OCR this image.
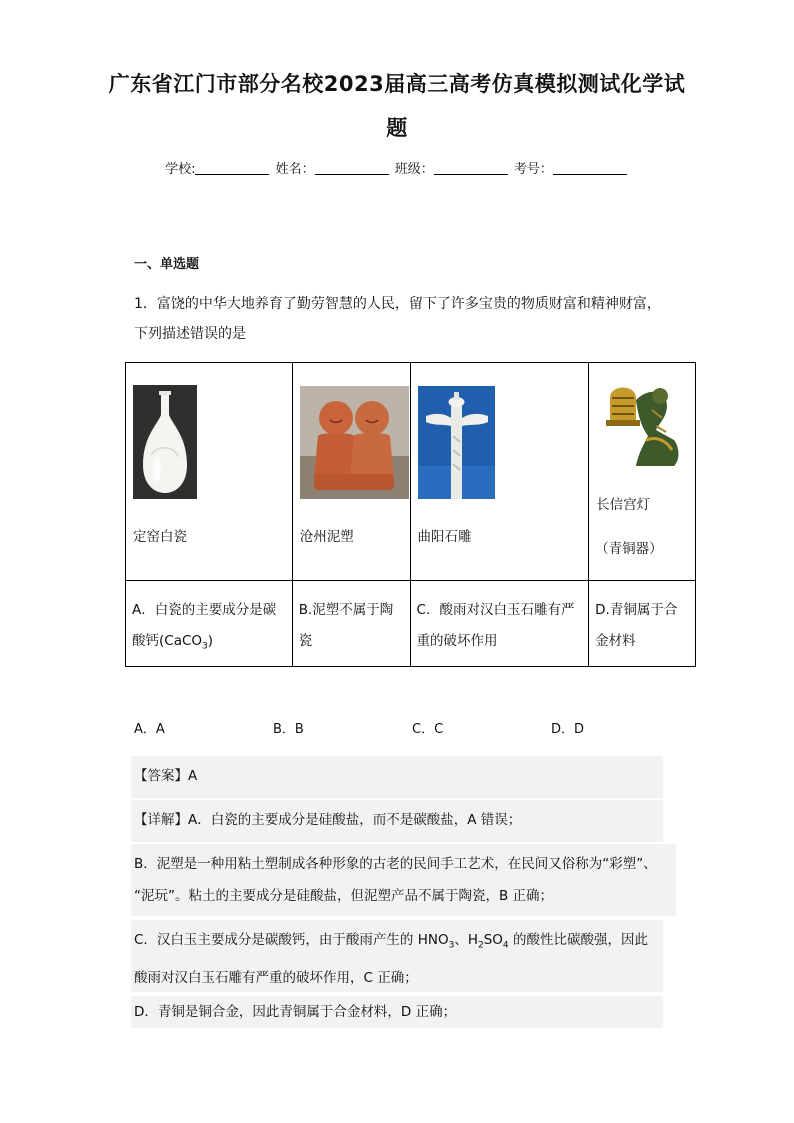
广东省江门市部分名校2023届高三高考仿真模拟测试化学试
题
学校:	姓名：	班级：	考号：
一、单选题
1．富饶的中华大地养育了勤劳智慧的人民，留下了许多宝贵的物质财富和精神财富，
下列描述错误的是
定窑白瓷	沧州泥塑	曲阳石雕	长信宫灯
（青铜器）

A．白瓷的主要成分是碳
酸钙(CaCO$_3$)	B.泥塑不属于陶瓷	C．酸雨对汉白玉石雕有严重的破坏作用	D.青铜属于合金材料
A．A	B．B	C．C	D．D
【答案】A
【详解】A．白瓷的主要成分是硅酸盐，而不是碳酸盐，A 错误；
B．泥塑是一种用粘土塑制成各种形象的古老的民间手工艺术，在民间又俗称为“彩塑”、
“泥玩”。粘土的主要成分是硅酸盐，但泥塑产品不属于陶瓷，B 正确；
C．汉白玉主要成分是碳酸钙，由于酸雨产生的 $HNO_3$、$H_2SO_4$ 的酸性比碳酸强，因此
酸雨对汉白玉石雕有严重的破坏作用，C 正确；
D．青铜是铜合金，因此青铜属于合金材料，D 正确；
